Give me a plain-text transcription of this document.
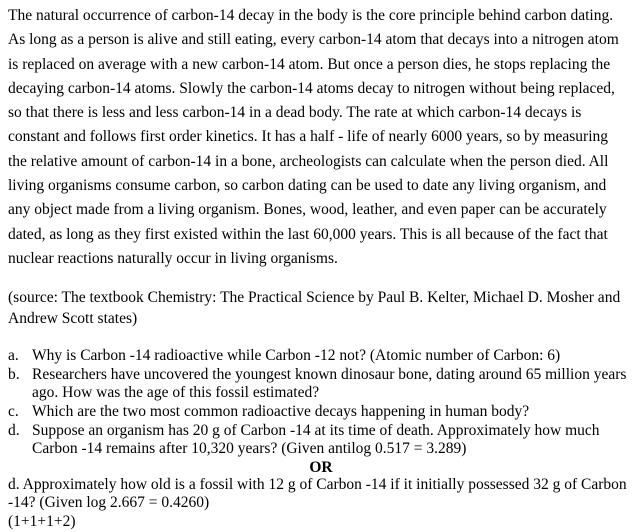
The natural occurrence of carbon-14 decay in the body is the core principle behind carbon dating. As long as a person is alive and still eating, every carbon-14 atom that decays into a nitrogen atom is replaced on average with a new carbon-14 atom. But once a person dies, he stops replacing the decaying carbon-14 atoms. Slowly the carbon-14 atoms decay to nitrogen without being replaced, so that there is less and less carbon-14 in a dead body. The rate at which carbon-14 decays is constant and follows first order kinetics. It has a half - life of nearly 6000 years, so by measuring the relative amount of carbon-14 in a bone, archeologists can calculate when the person died. All living organisms consume carbon, so carbon dating can be used to date any living organism, and any object made from a living organism. Bones, wood, leather, and even paper can be accurately dated, as long as they first existed within the last 60,000 years. This is all because of the fact that nuclear reactions naturally occur in living organisms.

(source: The textbook Chemistry: The Practical Science by Paul B. Kelter, Michael D. Mosher and Andrew Scott states)

a. Why is Carbon -14 radioactive while Carbon -12 not? (Atomic number of Carbon: 6)
b. Researchers have uncovered the youngest known dinosaur bone, dating around 65 million years ago. How was the age of this fossil estimated?
c. Which are the two most common radioactive decays happening in human body?
d. Suppose an organism has 20 g of Carbon -14 at its time of death. Approximately how much Carbon -14 remains after 10,320 years? (Given antilog 0.517 = 3.289)

OR

d. Approximately how old is a fossil with 12 g of Carbon -14 if it initially possessed 32 g of Carbon -14? (Given log 2.667 = 0.4260)

(1+1+1+2)
